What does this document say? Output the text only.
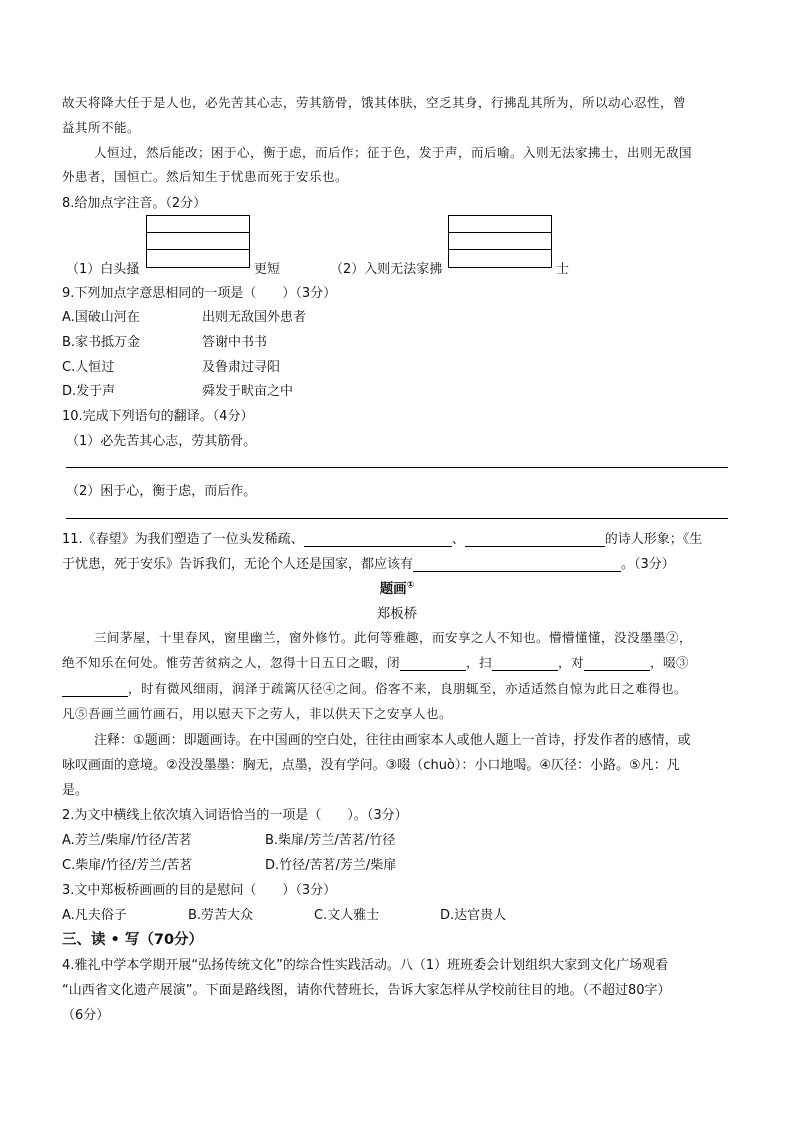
故天将降大任于是人也，必先苦其心志，劳其筋骨，饿其体肤，空乏其身，行拂乱其所为，所以动心忍性，曾
益其所不能。
人恒过，然后能改；困于心，衡于虑，而后作；征于色，发于声，而后喻。入则无法家拂士，出则无敌国
外患者，国恒亡。然后知生于忧患而死于安乐也。
8.给加点字注音。（2分）
（1）白头搔	更短	（2）入则无法家拂	士
9.下列加点字意思相同的一项是（　　）（3分）
A.国破山河在	出则无敌国外患者
B.家书抵万金	答谢中书书
C.人恒过	及鲁肃过寻阳
D.发于声	舜发于畎亩之中
10.完成下列语句的翻译。（4分）
（1）必先苦其心志，劳其筋骨。
（2）困于心，衡于虑，而后作。
11.《春望》为我们塑造了一位头发稀疏、	、	的诗人形象；《生
于忧患，死于安乐》告诉我们，无论个人还是国家，都应该有	。（3分）
题画①
郑板桥
三间茅屋，十里春风，窗里幽兰，窗外修竹。此何等雅趣，而安享之人不知也。懵懵懂懂，没没墨墨②，
绝不知乐在何处。惟劳苦贫病之人，忽得十日五日之暇，闭	，扫	，对	，啜③
，时有微风细雨，润泽于疏篱仄径④之间。俗客不来，良朋辄至，亦适适然自惊为此日之难得也。
凡⑤吾画兰画竹画石，用以慰天下之劳人，非以供天下之安享人也。
注释：①题画：即题画诗。在中国画的空白处，往往由画家本人或他人题上一首诗，抒发作者的感情，或
咏叹画面的意境。②没没墨墨：胸无，点墨，没有学问。③啜（chuò）：小口地喝。④仄径：小路。⑤凡：凡
是。
2.为文中横线上依次填入词语恰当的一项是（　　）。（3分）
A.芳兰/柴扉/竹径/苦茗	B.柴扉/芳兰/苦茗/竹径
C.柴扉/竹径/芳兰/苦茗	D.竹径/苦茗/芳兰/柴扉
3.文中郑板桥画画的目的是慰问（　　）（3分）
A.凡夫俗子	B.劳苦大众	C.文人雅士	D.达官贵人
三、读 • 写（70分）
4.雅礼中学本学期开展“弘扬传统文化”的综合性实践活动。八（1）班班委会计划组织大家到文化广场观看
“山西省文化遗产展演”。下面是路线图，请你代替班长，告诉大家怎样从学校前往目的地。（不超过80字）
（6分）
